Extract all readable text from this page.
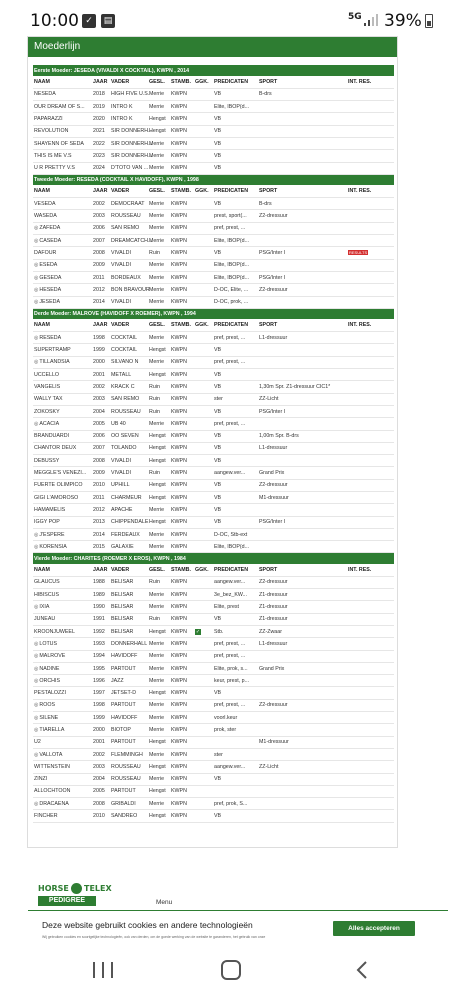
10:00 ✓	▤	5G 39%
Moederlijn
Eerste Moeder: JESEDA (VIVALDI X COCKTAIL), KWPN , 2014								
NAAM	JAAR	VADER	GESL.	STAMB.	GGK.	PREDICATEN	SPORT	INT. RES.
NESEDA	2018	HIGH FIVE U.S.	Merrie	KWPN		VB	B-drs	
OUR DREAM OF S...	2019	INTRO K	Merrie	KWPN		Elite, IBOP(d...		
PAPARAZZI	2020	INTRO K	Hengst	KWPN		VB		
REVOLUTION	2021	SIR DONNERH...	Hengst	KWPN		VB		
SHAYENN OF SEDA	2022	SIR DONNERH...	Merrie	KWPN		VB		
THIS IS ME V.S	2023	SIR DONNERH...	Merrie	KWPN		VB		
U R PRETTY V.S	2024	D'TOTO VAN ...	Merrie	KWPN		VB		
Tweede Moeder: RESEDA (COCKTAIL X HAVIDOFF), KWPN , 1998								
NAAM	JAAR	VADER	GESL.	STAMB.	GGK.	PREDICATEN	SPORT	INT. RES.
VESEDA	2002	DEMOCRAAT	Merrie	KWPN		VB	B-drs	
WASEDA	2003	ROUSSEAU	Merrie	KWPN		prest, sport(...	Z2-dressuur	
◎ ZAFEDA	2006	SAN REMO	Merrie	KWPN		pref, prest, ...		
◎ CASEDA	2007	DREAMCATCH...	Merrie	KWPN		Elite, IBOP(d...		
DAFOUR	2008	VIVALDI	Ruin	KWPN		VB	PSG/Inter I	RESULTS
◎ ESEDA	2009	VIVALDI	Merrie	KWPN		Elite, IBOP(d...		
◎ GESEDA	2011	BORDEAUX	Merrie	KWPN		Elite, IBOP(d...	PSG/Inter I	
◎ HESEDA	2012	BON BRAVOUR	Merrie	KWPN		D-OC, Elite, ...	Z2-dressuur	
◎ JESEDA	2014	VIVALDI	Merrie	KWPN		D-OC, prok, ...		
Derde Moeder: MALROVE (HAVIDOFF X ROEMER), KWPN , 1994								
NAAM	JAAR	VADER	GESL.	STAMB.	GGK.	PREDICATEN	SPORT	INT. RES.
◎ RESEDA	1998	COCKTAIL	Merrie	KWPN		pref, prest, ...	L1-dressuur	
SUPERTRAMP	1999	COCKTAIL	Hengst	KWPN		VB		
◎ TILLANDSIA	2000	SILVANO N	Merrie	KWPN		pref, prest, ...		
UCCELLO	2001	METALL	Hengst	KWPN		VB		
VANGELIS	2002	KRACK C	Ruin	KWPN		VB	1,30m Spr. Z1-dressuur CIC1*	
WALLY TAX	2003	SAN REMO	Ruin	KWPN		ster	ZZ-Licht	
ZOKOSKY	2004	ROUSSEAU	Ruin	KWPN		VB	PSG/Inter I	
◎ ACACIA	2005	UB 40	Merrie	KWPN		pref, prest, ...		
BRANDUARDI	2006	OO SEVEN	Hengst	KWPN		VB	1,00m Spr. B-drs	
CHANTOR DEUX	2007	TOLANDO	Hengst	KWPN		VB	L1-dressuur	
DEBUSSY	2008	VIVALDI	Hengst	KWPN		VB		
MEGGLE'S VENEZI...	2009	VIVALDI	Ruin	KWPN		aangew.ver...	Grand Prix	
FUERTE OLIMPICO	2010	UPHILL	Hengst	KWPN		VB	Z2-dressuur	
GIGI L'AMOROSO	2011	CHARMEUR	Hengst	KWPN		VB	M1-dressuur	
HAMAMELIS	2012	APACHE	Merrie	KWPN		VB		
IGGY POP	2013	CHIPPENDALE	Hengst	KWPN		VB	PSG/Inter I	
◎ J'ESPERE	2014	FERDEAUX	Merrie	KWPN		D-OC, Stb-ext		
◎ KORENSIA	2015	GALAXIE	Merrie	KWPN		Elite, IBOP(d...		
Vierde Moeder: CHARITES (ROEMER X EROS), KWPN , 1984								
NAAM	JAAR	VADER	GESL.	STAMB.	GGK.	PREDICATEN	SPORT	INT. RES.
GLAUCUS	1988	BELISAR	Ruin	KWPN		aangew.ver...	Z2-dressuur	
HIBISCUS	1989	BELISAR	Merrie	KWPN		3e_bez_KW...	Z1-dressuur	
◎ IXIA	1990	BELISAR	Merrie	KWPN		Elite, prest	Z1-dressuur	
JUNEAU	1991	BELISAR	Ruin	KWPN		VB	Z1-dressuur	
KROONJUWEEL	1992	BELISAR	Hengst	KWPN	✓	Stb.	ZZ-Zwaar	
◎ LOTUS	1993	DONNERHALL	Merrie	KWPN		pref, prest, ...	L1-dressuur	
◎ MALROVE	1994	HAVIDOFF	Merrie	KWPN		pref, prest, ...		
◎ NADINE	1995	PARTOUT	Merrie	KWPN		Elite, prok, s...	Grand Prix	
◎ ORCHIS	1996	JAZZ	Merrie	KWPN		keur, prest, p...		
PESTALOZZI	1997	JETSET-D	Hengst	KWPN		VB		
◎ ROOS	1998	PARTOUT	Merrie	KWPN		pref, prest, ...	Z2-dressuur	
◎ SILENE	1999	HAVIDOFF	Merrie	KWPN		voorl.keur		
◎ TIARELLA	2000	BIOTOP	Merrie	KWPN		prok, ster		
U2	2001	PARTOUT	Hengst	KWPN			M1-dressuur	
◎ VALLOTA	2002	FLEMMINGH	Merrie	KWPN		ster		
WITTENSTEIN	2003	ROUSSEAU	Hengst	KWPN		aangew.ver...	ZZ-Licht	
ZINZI	2004	ROUSSEAU	Merrie	KWPN		VB		
ALLOCHTOON	2005	PARTOUT	Hengst	KWPN				
◎ DRACAENA	2008	GRIBALDI	Merrie	KWPN		pref, prok, S...		
FINCHER	2010	SANDREO	Hengst	KWPN		VB		
HORSE TELEX
PEDIGREE	Menu
Deze website gebruikt cookies en andere technologieën
Wij gebruiken cookies en soortgelijke technologieën, ook van derden, om de goede werking van de website te garanderen, het gebruik van onze
Alles accepteren
